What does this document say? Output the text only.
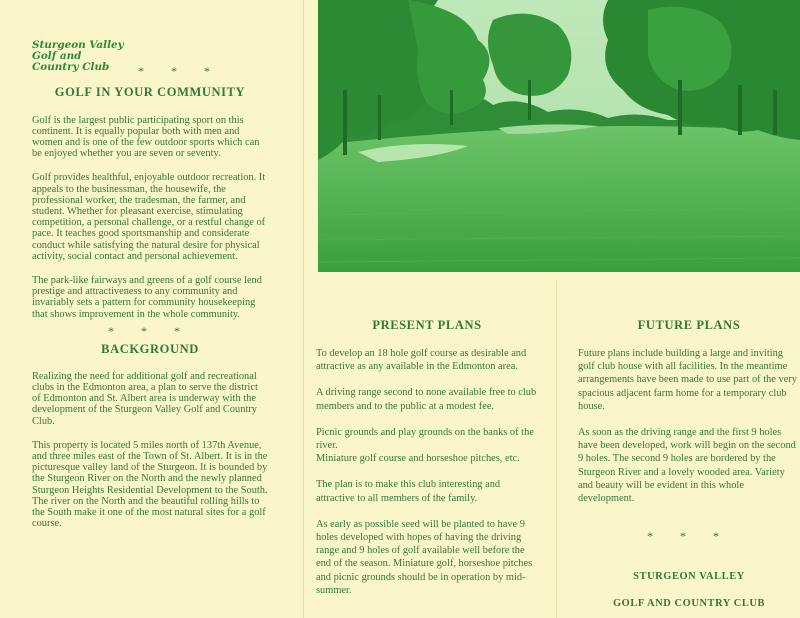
Sturgeon Valley

Golf and

Country Club	* * *
GOLF IN YOUR COMMUNITY

Golf is the largest public participating sport on this continent. It is equally popular both with men and women and is one of the few outdoor sports which can be enjoyed whether you are seven or seventy.

Golf provides healthful, enjoyable outdoor recreation. It appeals to the businessman, the housewife, the professional worker, the tradesman, the farmer, and student. Whether for pleasant exercise, stimulating competition, a personal challenge, or a restful change of pace. It teaches good sportsmanship and considerate conduct while satisfying the natural desire for physical activity, social contact and personal achievement.

The park-like fairways and greens of a golf course lend prestige and attractiveness to any community and invariably sets a pattern for community housekeeping that shows improvement in the whole community.

* * *
BACKGROUND

Realizing the need for additional golf and recreational clubs in the Edmonton area, a plan to serve the district of Edmonton and St. Albert area is underway with the development of the Sturgeon Valley Golf and Country Club.

This property is located 5 miles north of 137th Avenue, and three miles east of the Town of St. Albert. It is in the picturesque valley land of the Sturgeon. It is bounded by the Sturgeon River on the North and the newly planned Sturgeon Heights Residential Development to the South. The river on the North and the beautiful rolling hills to the South make it one of the most natural sites for a golf course.

PRESENT PLANS

To develop an 18 hole golf course as desirable and attractive as any available in the Edmonton area.

A driving range second to none available free to club members and to the public at a modest fee.

Picnic grounds and play grounds on the banks of the river.

Miniature golf course and horseshoe pitches, etc.

The plan is to make this club interesting and attractive to all members of the family.

As early as possible seed will be planted to have 9 holes developed with hopes of having the driving range and 9 holes of golf available well before the end of the season. Miniature golf, horseshoe pitches and picnic grounds should be in operation by mid-summer.

FUTURE PLANS

Future plans include building a large and inviting golf club house with all facilities. In the meantime arrangements have been made to use part of the very spacious adjacent farm home for a temporary club house.

As soon as the driving range and the first 9 holes have been developed, work will begin on the second 9 holes. The second 9 holes are bordered by the Sturgeon River and a lovely wooded area. Variety and beauty will be evident in this whole development.

* * *

STURGEON VALLEY

GOLF AND COUNTRY CLUB
